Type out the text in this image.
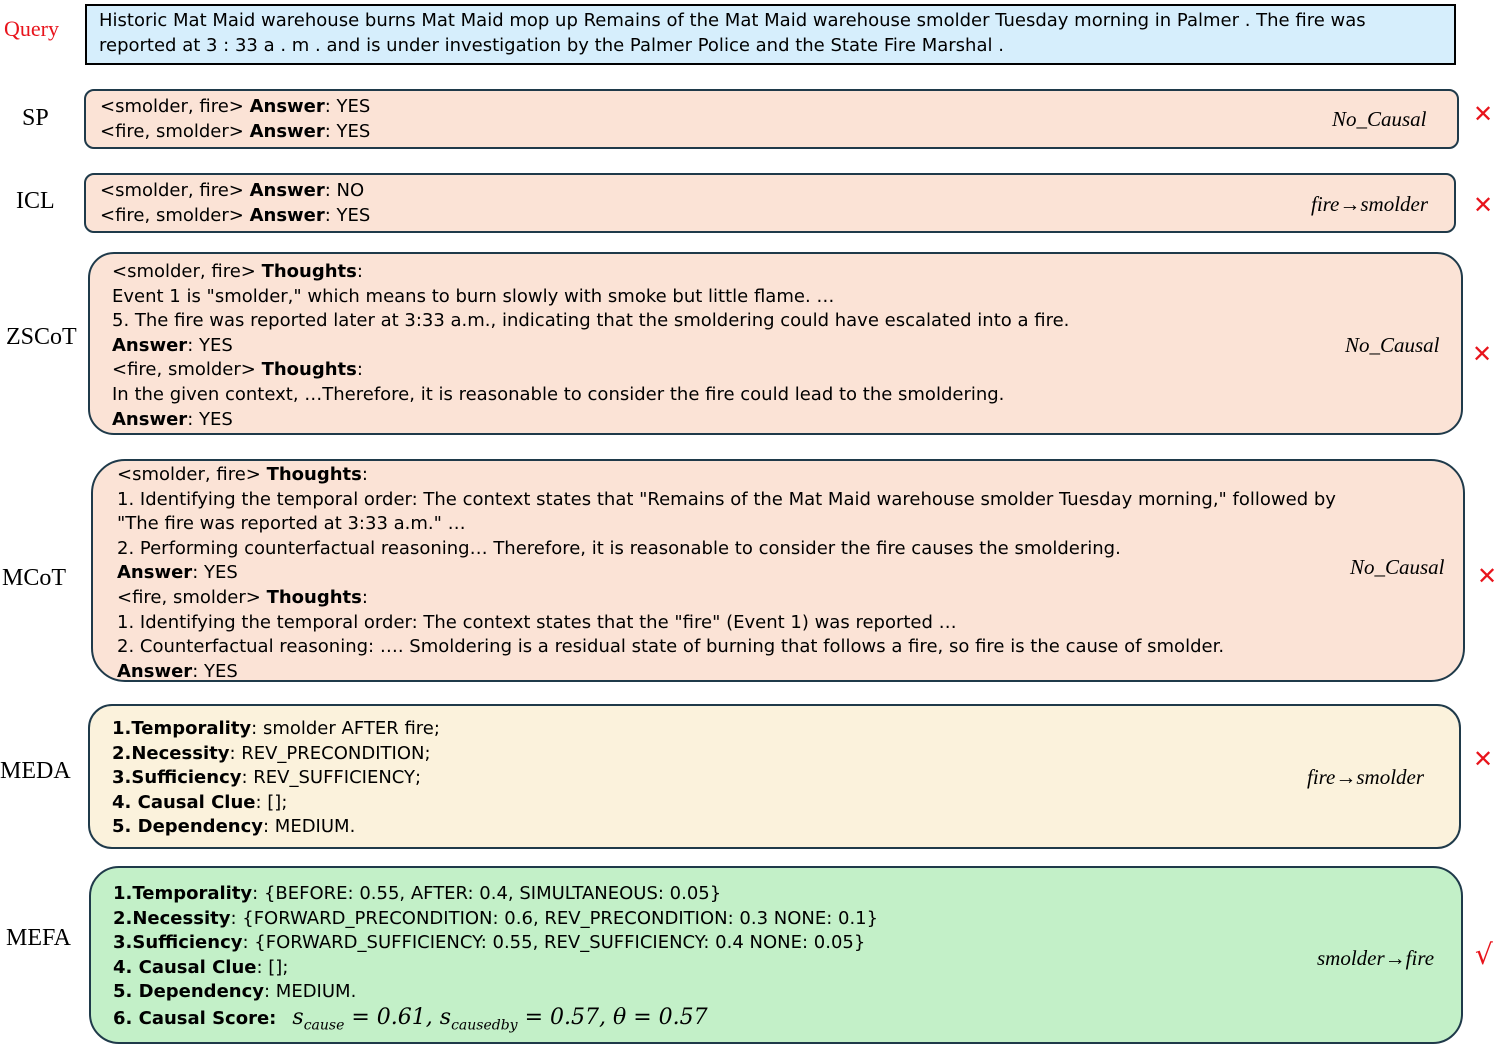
Query	Historic Mat Maid warehouse burns Mat Maid mop up Remains of the Mat Maid warehouse smolder Tuesday morning in Palmer . The fire was reported at 3 : 33 a . m . and is under investigation by the Palmer Police and the State Fire Marshal .
SP	<smolder, fire> Answer: YES
<fire, smolder> Answer: YES
No_Causal ✕
ICL	<smolder, fire> Answer: NO
<fire, smolder> Answer: YES	fire→smolder ✕
ZSCoT
<smolder, fire> Thoughts:
Event 1 is "smolder," which means to burn slowly with smoke but little flame. …
5. The fire was reported later at 3:33 a.m., indicating that the smoldering could have escalated into a fire.
Answer: YES
<fire, smolder> Thoughts:
In the given context, …Therefore, it is reasonable to consider the fire could lead to the smoldering.
Answer: YES
No_Causal ✕
MCoT
<smolder, fire> Thoughts:
1. Identifying the temporal order: The context states that "Remains of the Mat Maid warehouse smolder Tuesday morning," followed by
"The fire was reported at 3:33 a.m." …
2. Performing counterfactual reasoning… Therefore, it is reasonable to consider the fire causes the smoldering.
Answer: YES
<fire, smolder> Thoughts:
1. Identifying the temporal order: The context states that the "fire" (Event 1) was reported …
2. Counterfactual reasoning: …. Smoldering is a residual state of burning that follows a fire, so fire is the cause of smolder.
Answer: YES
No_Causal ✕
MEDA
1.Temporality: smolder AFTER fire;
2.Necessity: REV_PRECONDITION;
3.Sufficiency: REV_SUFFICIENCY;
4. Causal Clue: [];
5. Dependency: MEDIUM.
fire→smolder
✕
MEFA
1.Temporality: {BEFORE: 0.55, AFTER: 0.4, SIMULTANEOUS: 0.05}
2.Necessity: {FORWARD_PRECONDITION: 0.6, REV_PRECONDITION: 0.3 NONE: 0.1}
3.Sufficiency: {FORWARD_SUFFICIENCY: 0.55, REV_SUFFICIENCY: 0.4 NONE: 0.05}
4. Causal Clue: [];
5. Dependency: MEDIUM.
6. Causal Score: $s_{cause} = 0.61$, $s_{causedby} = 0.57$, θ = 0.57
smolder→fire √
